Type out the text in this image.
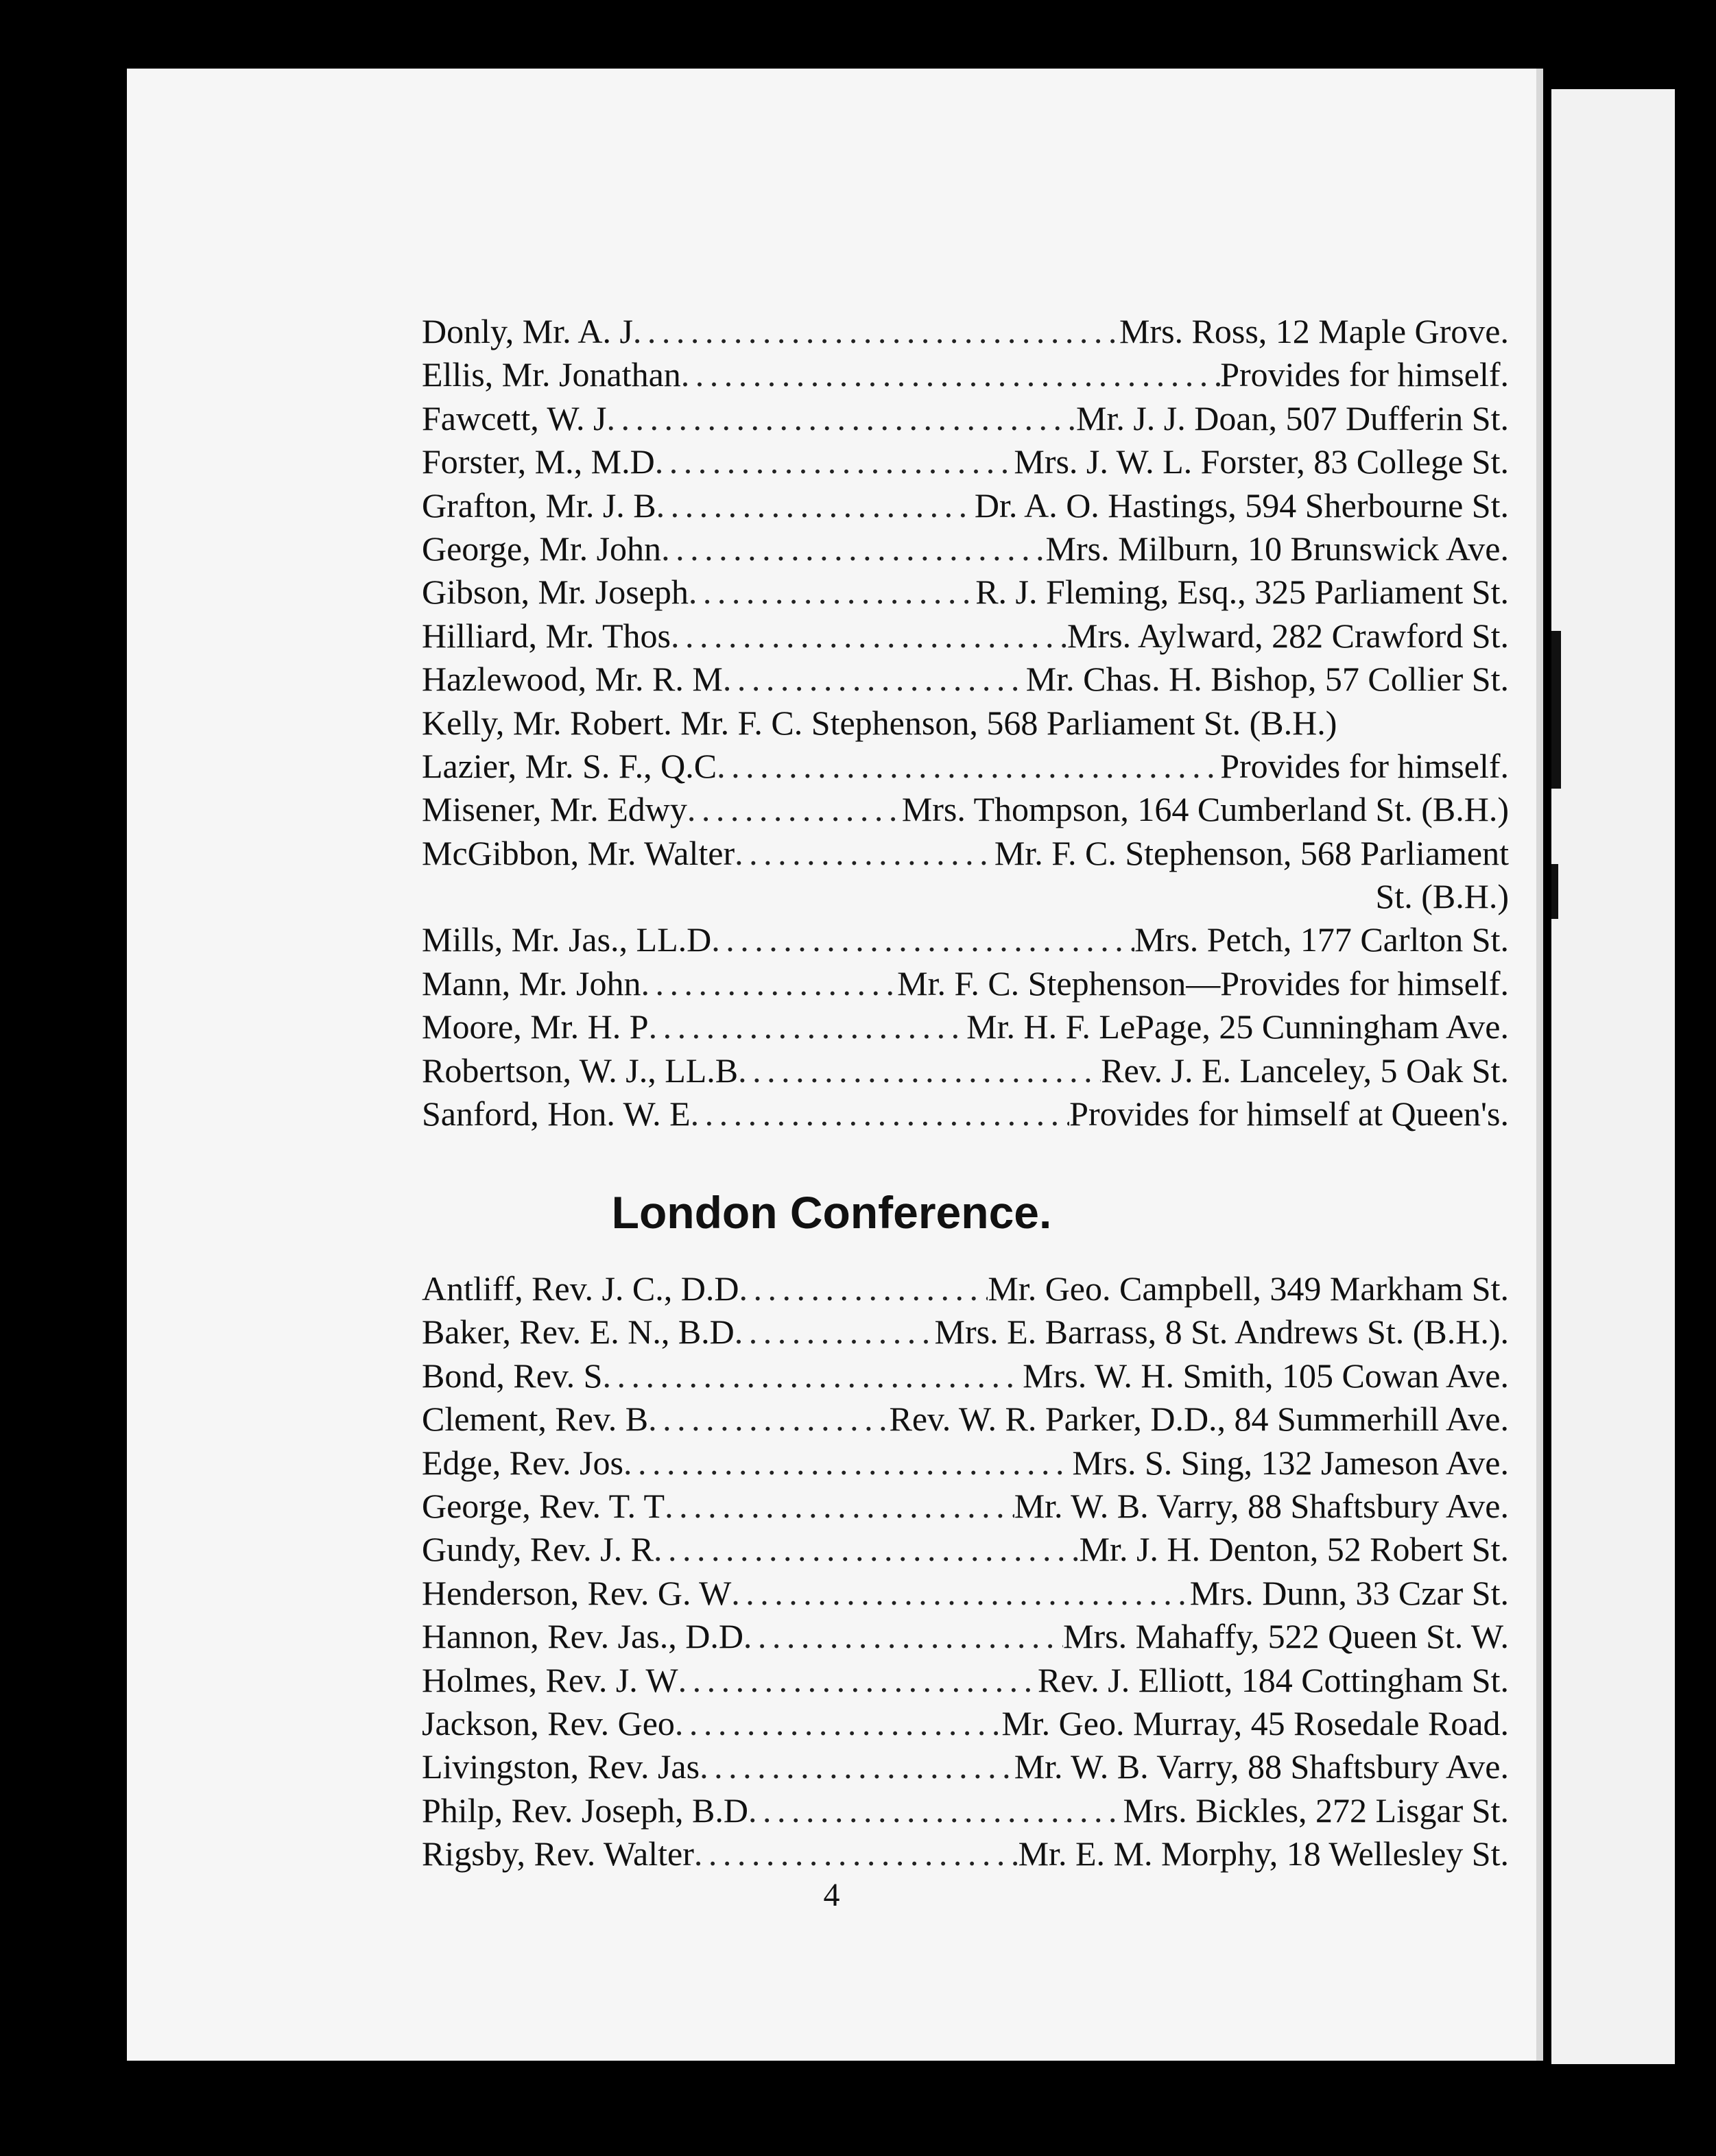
Donly, Mr. A. J . . .	Mrs. Ross, 12 Maple Grove.
Ellis, Mr. Jonathan . . .	Provides for himself.
Fawcett, W. J . . .	Mr. J. J. Doan, 507 Dufferin St.
Forster, M., M.D . . .	Mrs. J. W. L. Forster, 83 College St.
Grafton, Mr. J. B . . .	Dr. A. O. Hastings, 594 Sherbourne St.
George, Mr. John . . .	Mrs. Milburn, 10 Brunswick Ave.
Gibson, Mr. Joseph . . .	R. J. Fleming, Esq., 325 Parliament St.
Hilliard, Mr. Thos . . .	Mrs. Aylward, 282 Crawford St.
Hazlewood, Mr. R. M . . .	Mr. Chas. H. Bishop, 57 Collier St.
Kelly, Mr. Robert. Mr. F. C. Stephenson, 568 Parliament St. (B.H.)
Lazier, Mr. S. F., Q.C . . .	Provides for himself.
Misener, Mr. Edwy . . .	Mrs. Thompson, 164 Cumberland St. (B.H.)
McGibbon, Mr. Walter . . .	Mr. F. C. Stephenson, 568 Parliament
St. (B.H.)
Mills, Mr. Jas., LL.D . . .	Mrs. Petch, 177 Carlton St.
Mann, Mr. John . . .	Mr. F. C. Stephenson—Provides for himself.
Moore, Mr. H. P . . .	Mr. H. F. LePage, 25 Cunningham Ave.
Robertson, W. J., LL.B . . .	Rev. J. E. Lanceley, 5 Oak St.
Sanford, Hon. W. E . . .	Provides for himself at Queen's.
London Conference.
Antliff, Rev. J. C., D.D . . .	Mr. Geo. Campbell, 349 Markham St.
Baker, Rev. E. N., B.D . . .	Mrs. E. Barrass, 8 St. Andrews St. (B.H.).
Bond, Rev. S . . .	Mrs. W. H. Smith, 105 Cowan Ave.
Clement, Rev. B . . .	Rev. W. R. Parker, D.D., 84 Summerhill Ave.
Edge, Rev. Jos . . .	Mrs. S. Sing, 132 Jameson Ave.
George, Rev. T. T . . .	Mr. W. B. Varry, 88 Shaftsbury Ave.
Gundy, Rev. J. R . . .	Mr. J. H. Denton, 52 Robert St.
Henderson, Rev. G. W . . .	Mrs. Dunn, 33 Czar St.
Hannon, Rev. Jas., D.D . . .	Mrs. Mahaffy, 522 Queen St. W.
Holmes, Rev. J. W . . .	Rev. J. Elliott, 184 Cottingham St.
Jackson, Rev. Geo . . .	Mr. Geo. Murray, 45 Rosedale Road.
Livingston, Rev. Jas . . .	Mr. W. B. Varry, 88 Shaftsbury Ave.
Philp, Rev. Joseph, B.D . . .	Mrs. Bickles, 272 Lisgar St.
Rigsby, Rev. Walter . . .	Mr. E. M. Morphy, 18 Wellesley St.
4
